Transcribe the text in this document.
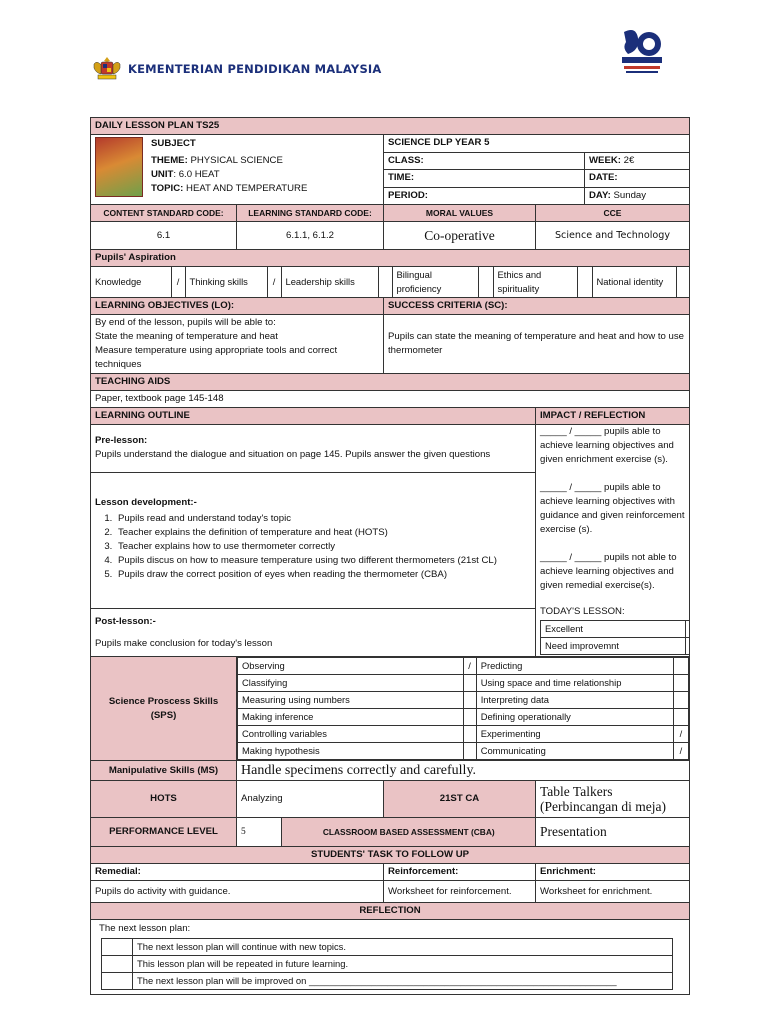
KEMENTERIAN PENDIDIKAN MALAYSIA
DAILY LESSON PLAN TS25

SUBJECT
THEME: PHYSICAL SCIENCE
UNIT: 6.0 HEAT
TOPIC: HEAT AND TEMPERATURE
	SCIENCE DLP YEAR 5
CLASS:	WEEK: 2€
TIME:	DATE:
PERIOD:	DAY: Sunday
CONTENT STANDARD CODE:	LEARNING STANDARD CODE:	MORAL VALUES	CCE
6.1	6.1.1, 6.1.2	Co-operative	Science and Technology
Pupils' Aspiration

Knowledge	/	Thinking skills	/	Leadership skills		Bilingual proficiency		Ethics and spirituality		National identity	

LEARNING OBJECTIVES (LO):	SUCCESS CRITERIA (SC):

By end of the lesson, pupils will be able to:
State the meaning of temperature and heat
Measure temperature using appropriate tools and correct techniques
	Pupils can state the meaning of temperature and heat and how to use thermometer
TEACHING AIDS
Paper, textbook page 145-148
LEARNING OUTLINE	IMPACT / REFLECTION

Pre-lesson:
Pupils understand the dialogue and situation on page 145. Pupils answer the given questions

_____ / _____ pupils able to achieve learning objectives and given enrichment exercise (s).
_____ / _____ pupils able to achieve learning objectives with guidance and given reinforcement exercise (s).
_____ / _____ pupils not able to achieve learning objectives and given remedial exercise(s).
TODAY'S LESSON:
Excellent	
Need improvemnt	

Lesson development:-
1. Pupils read and understand today's topic
2. Teacher explains the definition of temperature and heat (HOTS)
3. Teacher explains how to use thermometer correctly
4. Pupils discus on how to measure temperature using two different thermometers (21st CL)
5. Pupils draw the correct position of eyes when reading the thermometer (CBA)

Post-lesson:-
Pupils make conclusion for today's lesson

Science Proscess Skills (SPS)	
Observing	/	Predicting	
Classifying		Using space and time relationship	
Measuring using numbers		Interpreting data	
Making inference		Defining operationally	
Controlling variables		Experimenting	/
Making hypothesis		Communicating	/

Manipulative Skills (MS)	Handle specimens correctly and carefully.
HOTS	Analyzing	21ST CA	Table Talkers (Perbincangan di meja)
PERFORMANCE LEVEL	5	CLASSROOM BASED ASSESSMENT (CBA)
		Presentation
STUDENTS' TASK TO FOLLOW UP
Remedial:		Reinforcement:	Enrichment:
Pupils do activity with guidance.	Worksheet for reinforcement.	Worksheet for enrichment.
REFLECTION

The next lesson plan:
	The next lesson plan will continue with new topics.
	This lesson plan will be repeated in future learning.
	The next lesson plan will be improved on ___________________________________________________________
